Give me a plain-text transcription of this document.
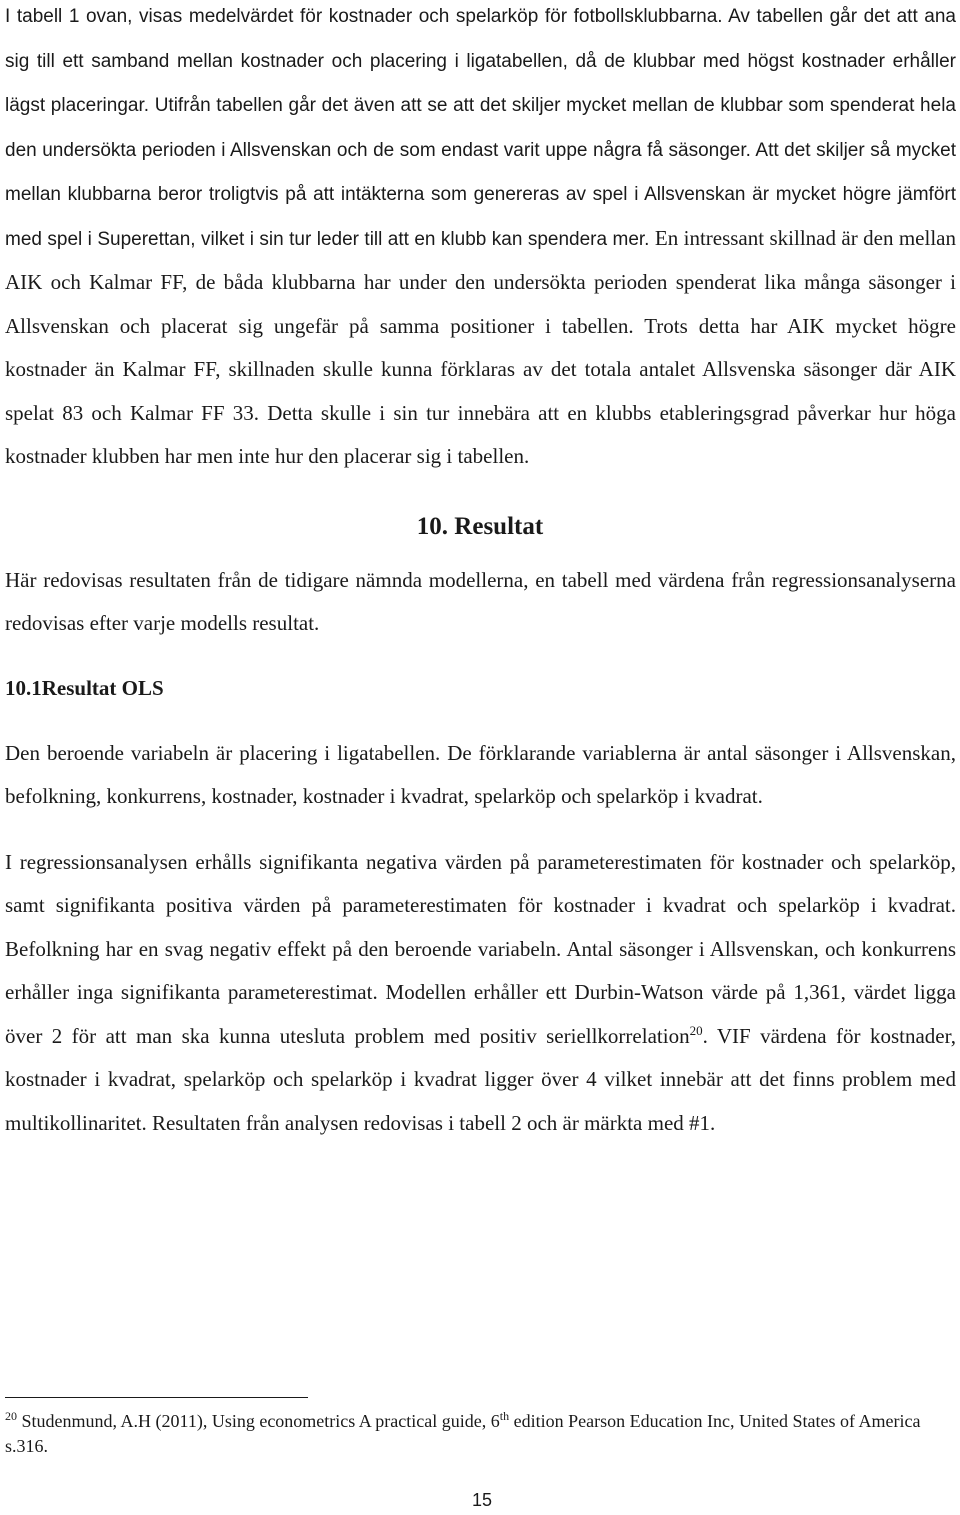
I tabell 1 ovan, visas medelvärdet för kostnader och spelarköp för fotbollsklubbarna. Av tabellen går det att ana sig till ett samband mellan kostnader och placering i ligatabellen, då de klubbar med högst kostnader erhåller lägst placeringar. Utifrån tabellen går det även att se att det skiljer mycket mellan de klubbar som spenderat hela den undersökta perioden i Allsvenskan och de som endast varit uppe några få säsonger. Att det skiljer så mycket mellan klubbarna beror troligtvis på att intäkterna som genereras av spel i Allsvenskan är mycket högre jämfört med spel i Superettan, vilket i sin tur leder till att en klubb kan spendera mer. En intressant skillnad är den mellan AIK och Kalmar FF, de båda klubbarna har under den undersökta perioden spenderat lika många säsonger i Allsvenskan och placerat sig ungefär på samma positioner i tabellen. Trots detta har AIK mycket högre kostnader än Kalmar FF, skillnaden skulle kunna förklaras av det totala antalet Allsvenska säsonger där AIK spelat 83 och Kalmar FF 33. Detta skulle i sin tur innebära att en klubbs etableringsgrad påverkar hur höga kostnader klubben har men inte hur den placerar sig i tabellen.

10. Resultat

Här redovisas resultaten från de tidigare nämnda modellerna, en tabell med värdena från regressionsanalyserna redovisas efter varje modells resultat.

10.1Resultat OLS

Den beroende variabeln är placering i ligatabellen. De förklarande variablerna är antal säsonger i Allsvenskan, befolkning, konkurrens, kostnader, kostnader i kvadrat, spelarköp och spelarköp i kvadrat.

I regressionsanalysen erhålls signifikanta negativa värden på parameterestimaten för kostnader och spelarköp, samt signifikanta positiva värden på parameterestimaten för kostnader i kvadrat och spelarköp i kvadrat. Befolkning har en svag negativ effekt på den beroende variabeln. Antal säsonger i Allsvenskan, och konkurrens erhåller inga signifikanta parameterestimat. Modellen erhåller ett Durbin-Watson värde på 1,361, värdet ligga över 2 för att man ska kunna utesluta problem med positiv seriellkorrelation$^{20}$. VIF värdena för kostnader, kostnader i kvadrat, spelarköp och spelarköp i kvadrat ligger över 4 vilket innebär att det finns problem med multikollinaritet. Resultaten från analysen redovisas i tabell 2 och är märkta med #1.

$^{20}$ Studenmund, A.H (2011), Using econometrics A practical guide, 6th edition Pearson Education Inc, United States of America s.316.
15
